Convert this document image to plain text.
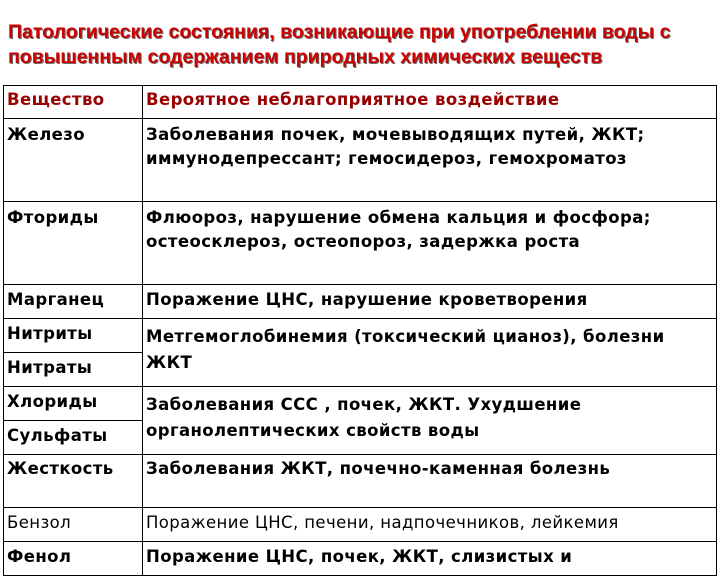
Патологические состояния, возникающие при употреблении воды с повышенным содержанием природных химических веществ
Вещество	Вероятное неблагоприятное воздействие
Железо	Заболевания почек, мочевыводящих путей, ЖКТ; иммунодепрессант; гемосидероз, гемохроматоз
Фториды	Флюороз, нарушение обмена кальция и фосфора; остеосклероз, остеопороз, задержка роста
Марганец	Поражение ЦНС, нарушение кроветворения
Нитриты	Метгемоглобинемия (токсический цианоз), болезни ЖКТ
Нитраты	
Хлориды	Заболевания ССС , почек, ЖКТ. Ухудшение органолептических свойств воды
Сульфаты	
Жесткость	Заболевания ЖКТ, почечно-каменная болезнь
Бензол	Поражение ЦНС, печени, надпочечников, лейкемия
Фенол	Поражение ЦНС, почек, ЖКТ, слизистых и
